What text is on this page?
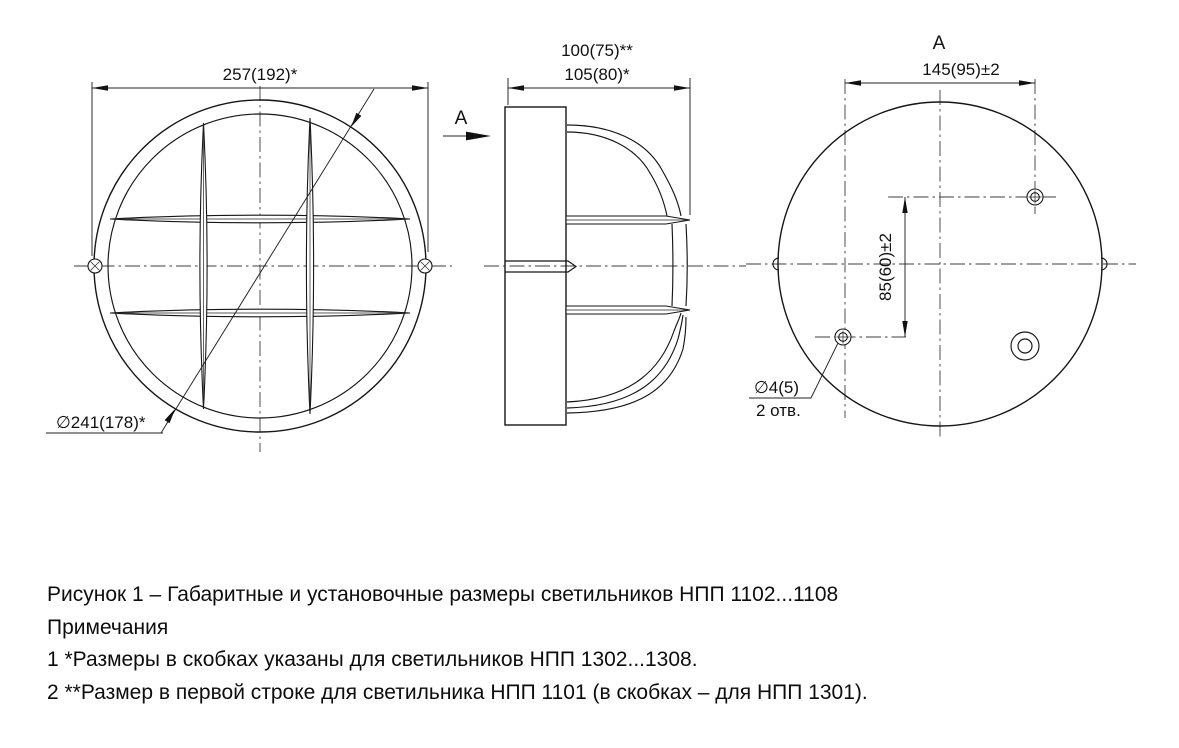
257(192)*
∅241(178)*
100(75)**
105(80)*
A
145(95)±2
A
85(60)±2
∅4(5)
2 отв.
Рисунок 1 – Габаритные и установочные размеры светильников НПП 1102...1108
Примечания
1 *Размеры в скобках указаны для светильников НПП 1302...1308.
2 **Размер в первой строке для светильника НПП 1101 (в скобках – для НПП 1301).
